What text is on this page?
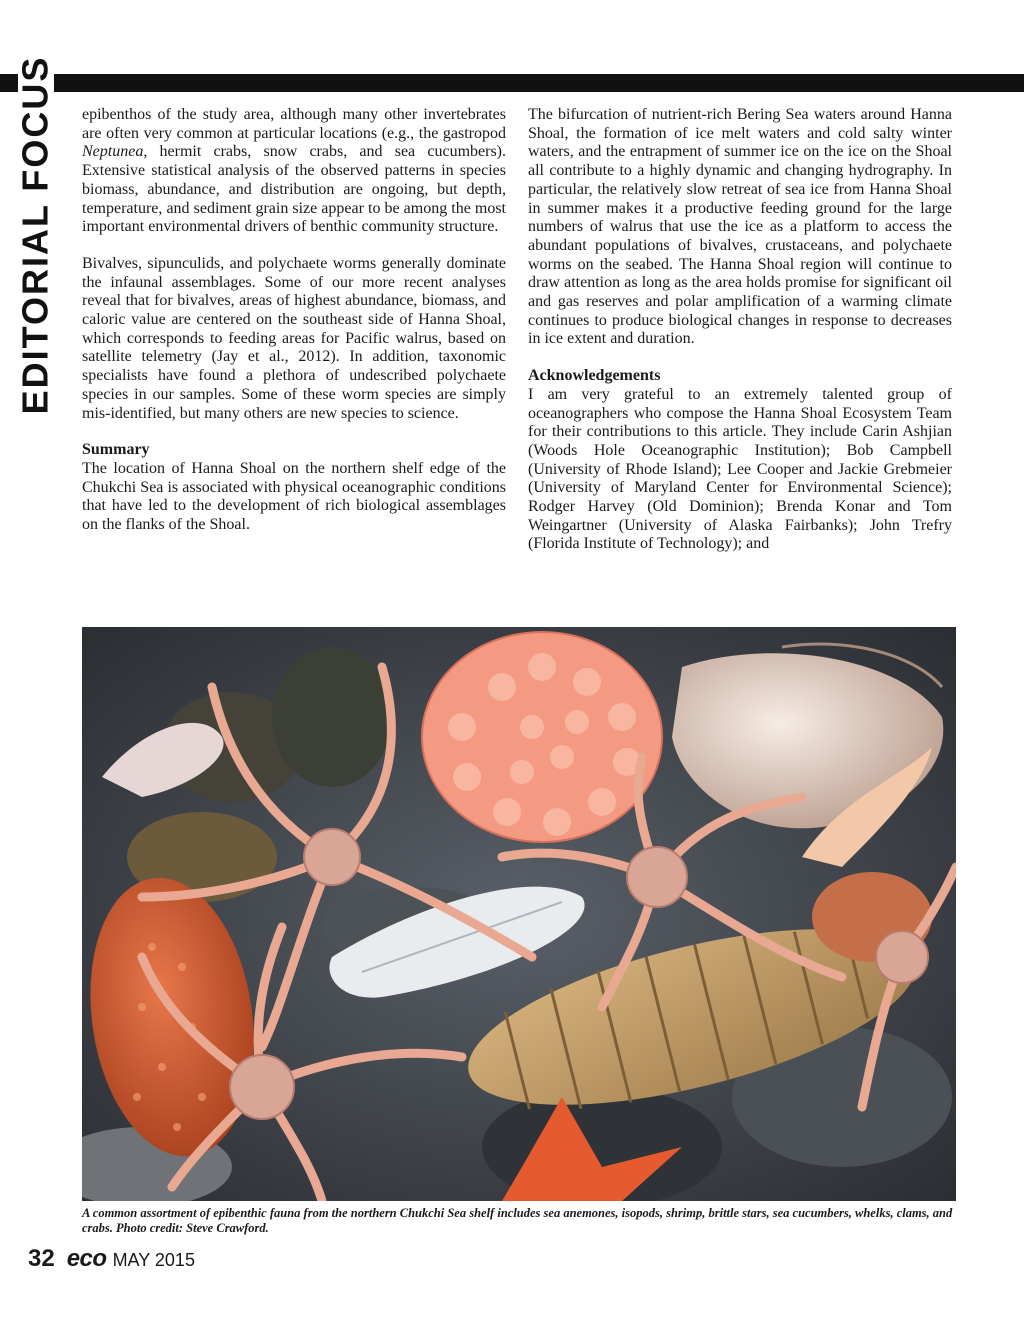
EDITORIAL FOCUS epibenthos of the study area, although many other invertebrates are often very common at particular locations (e.g., the gastropod Neptunea, hermit crabs, snow crabs, and sea cucumbers). Extensive statistical analysis of the observed patterns in species biomass, abundance, and distribution are ongoing, but depth, temperature, and sediment grain size appear to be among the most important environmental drivers of benthic community structure.

Bivalves, sipunculids, and polychaete worms generally dominate the infaunal assemblages. Some of our more recent analyses reveal that for bivalves, areas of highest abundance, biomass, and caloric value are centered on the southeast side of Hanna Shoal, which corresponds to feeding areas for Pacific walrus, based on satellite telemetry (Jay et al., 2012). In addition, taxonomic specialists have found a plethora of undescribed polychaete species in our samples. Some of these worm species are simply mis-identified, but many others are new species to science.

Summary

The location of Hanna Shoal on the northern shelf edge of the Chukchi Sea is associated with physical oceanographic conditions that have led to the development of rich biological assemblages on the flanks of the Shoal.

The bifurcation of nutrient-rich Bering Sea waters around Hanna Shoal, the formation of ice melt waters and cold salty winter waters, and the entrapment of summer ice on the ice on the Shoal all contribute to a highly dynamic and changing hydrography. In particular, the relatively slow retreat of sea ice from Hanna Shoal in summer makes it a productive feeding ground for the large numbers of walrus that use the ice as a platform to access the abundant populations of bivalves, crustaceans, and polychaete worms on the seabed. The Hanna Shoal region will continue to draw attention as long as the area holds promise for significant oil and gas reserves and polar amplification of a warming climate continues to produce biological changes in response to decreases in ice extent and duration.

Acknowledgements

I am very grateful to an extremely talented group of oceanographers who compose the Hanna Shoal Ecosystem Team for their contributions to this article. They include Carin Ashjian (Woods Hole Oceanographic Institution); Bob Campbell (University of Rhode Island); Lee Cooper and Jackie Grebmeier (University of Maryland Center for Environmental Science); Rodger Harvey (Old Dominion); Brenda Konar and Tom Weingartner (University of Alaska Fairbanks); John Trefry (Florida Institute of Technology); and

A common assortment of epibenthic fauna from the northern Chukchi Sea shelf includes sea anemones, isopods, shrimp, brittle stars, sea cucumbers, whelks, clams, and crabs. Photo credit: Steve Crawford.
32 eco MAY 2015
